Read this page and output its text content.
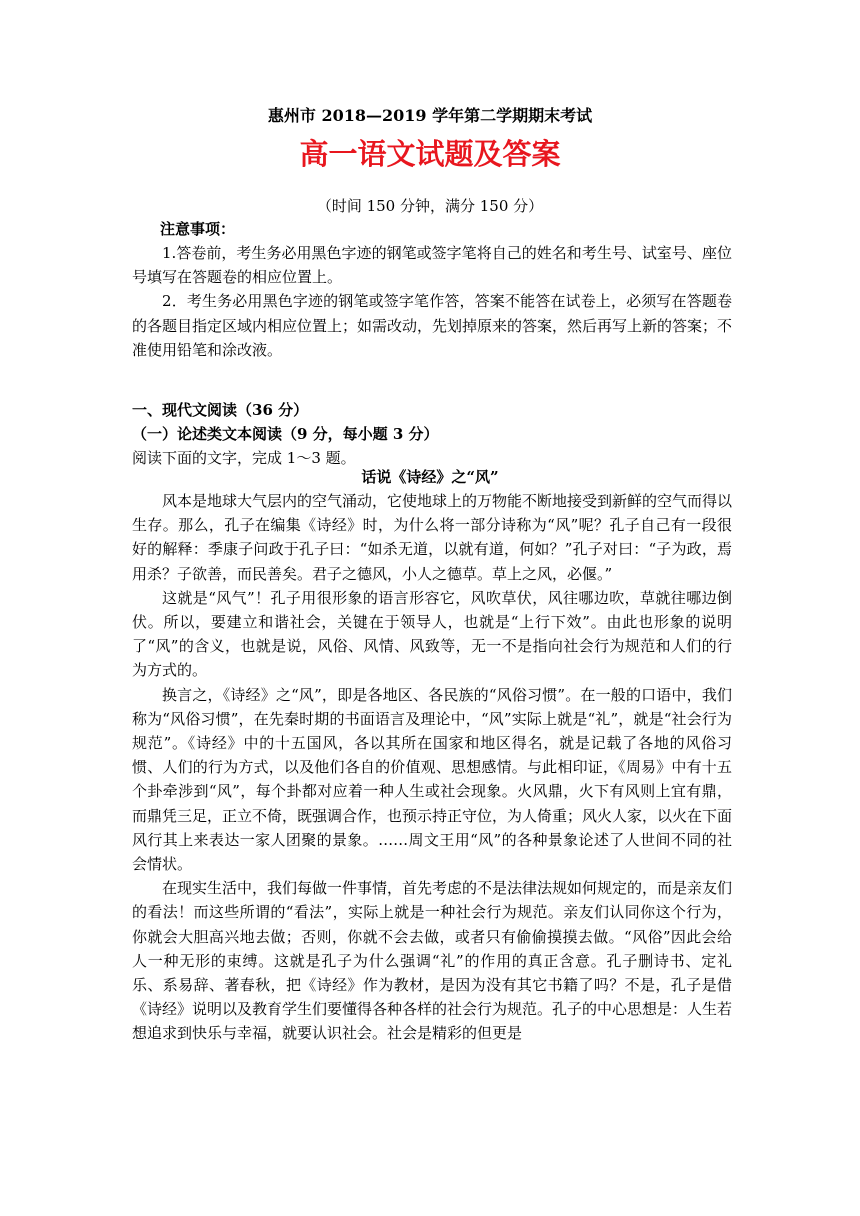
惠州市 2018—2019 学年第二学期期末考试
高一语文试题及答案
（时间 150 分钟，满分 150 分）
注意事项：

1.答卷前，考生务必用黑色字迹的钢笔或签字笔将自己的姓名和考生号、试室号、座位号填写在答题卷的相应位置上。

2．考生务必用黑色字迹的钢笔或签字笔作答，答案不能答在试卷上，必须写在答题卷的各题目指定区域内相应位置上；如需改动，先划掉原来的答案，然后再写上新的答案；不准使用铅笔和涂改液。

一、现代文阅读（36 分）
（一）论述类文本阅读（9 分，每小题 3 分）
阅读下面的文字，完成 1～3 题。
话说《诗经》之“风”

风本是地球大气层内的空气涌动，它使地球上的万物能不断地接受到新鲜的空气而得以生存。那么，孔子在编集《诗经》时，为什么将一部分诗称为“风”呢？孔子自己有一段很好的解释：季康子问政于孔子曰：“如杀无道，以就有道，何如？”孔子对曰：“子为政，焉用杀？子欲善，而民善矣。君子之德风，小人之德草。草上之风，必偃。”

这就是“风气”！孔子用很形象的语言形容它，风吹草伏，风往哪边吹，草就往哪边倒伏。所以，要建立和谐社会，关键在于领导人，也就是“上行下效”。由此也形象的说明了“风”的含义，也就是说，风俗、风情、风致等，无一不是指向社会行为规范和人们的行为方式的。

换言之，《诗经》之“风”，即是各地区、各民族的“风俗习惯”。在一般的口语中，我们称为“风俗习惯”，在先秦时期的书面语言及理论中，“风”实际上就是“礼”，就是“社会行为规范”。《诗经》中的十五国风，各以其所在国家和地区得名，就是记载了各地的风俗习惯、人们的行为方式，以及他们各自的价值观、思想感情。与此相印证，《周易》中有十五个卦牵涉到“风”，每个卦都对应着一种人生或社会现象。火风鼎，火下有风则上宜有鼎，而鼎凭三足，正立不倚，既强调合作，也预示持正守位，为人倚重；风火人家，以火在下面风行其上来表达一家人团聚的景象。……周文王用“风”的各种景象论述了人世间不同的社会情状。

在现实生活中，我们每做一件事情，首先考虑的不是法律法规如何规定的，而是亲友们的看法！而这些所谓的“看法”，实际上就是一种社会行为规范。亲友们认同你这个行为，你就会大胆高兴地去做；否则，你就不会去做，或者只有偷偷摸摸去做。“风俗”因此会给人一种无形的束缚。这就是孔子为什么强调“礼”的作用的真正含意。孔子删诗书、定礼乐、系易辞、著春秋，把《诗经》作为教材，是因为没有其它书籍了吗？不是，孔子是借《诗经》说明以及教育学生们要懂得各种各样的社会行为规范。孔子的中心思想是：人生若想追求到快乐与幸福，就要认识社会。社会是精彩的但更是
